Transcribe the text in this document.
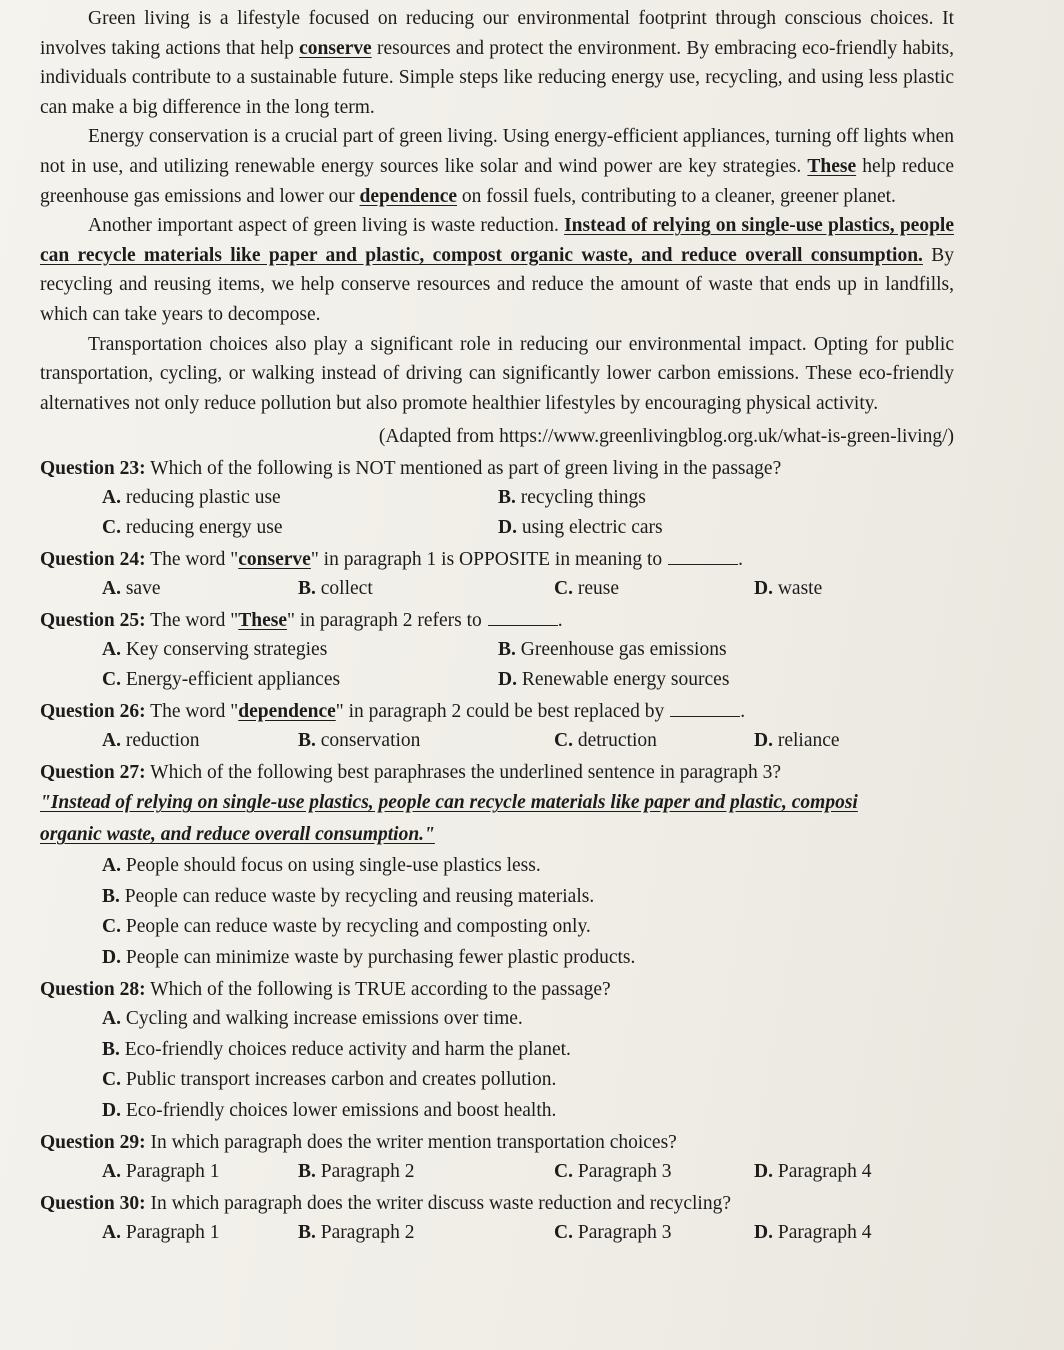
Green living is a lifestyle focused on reducing our environmental footprint through conscious choices. It involves taking actions that help conserve resources and protect the environment. By embracing eco-friendly habits, individuals contribute to a sustainable future. Simple steps like reducing energy use, recycling, and using less plastic can make a big difference in the long term.

Energy conservation is a crucial part of green living. Using energy-efficient appliances, turning off lights when not in use, and utilizing renewable energy sources like solar and wind power are key strategies. These help reduce greenhouse gas emissions and lower our dependence on fossil fuels, contributing to a cleaner, greener planet.

Another important aspect of green living is waste reduction. Instead of relying on single-use plastics, people can recycle materials like paper and plastic, compost organic waste, and reduce overall consumption. By recycling and reusing items, we help conserve resources and reduce the amount of waste that ends up in landfills, which can take years to decompose.

Transportation choices also play a significant role in reducing our environmental impact. Opting for public transportation, cycling, or walking instead of driving can significantly lower carbon emissions. These eco-friendly alternatives not only reduce pollution but also promote healthier lifestyles by encouraging physical activity.

(Adapted from https://www.greenlivingblog.org.uk/what-is-green-living/)
Question 23: Which of the following is NOT mentioned as part of green living in the passage?
A. reducing plastic use	B. recycling things
C. reducing energy use	D. using electric cars
Question 24: The word "conserve" in paragraph 1 is OPPOSITE in meaning to	.
A. save	B. collect	C. reuse	D. waste
Question 25: The word "These" in paragraph 2 refers to	.
A. Key conserving strategies	B. Greenhouse gas emissions
C. Energy-efficient appliances	D. Renewable energy sources
Question 26: The word "dependence" in paragraph 2 could be best replaced by	.
A. reduction	B. conservation	C. detruction	D. reliance
Question 27: Which of the following best paraphrases the underlined sentence in paragraph 3?

"Instead of relying on single-use plastics, people can recycle materials like paper and plastic, composi

organic waste, and reduce overall consumption."

A. People should focus on using single-use plastics less.
B. People can reduce waste by recycling and reusing materials.
C. People can reduce waste by recycling and composting only.
D. People can minimize waste by purchasing fewer plastic products.
Question 28: Which of the following is TRUE according to the passage?
A. Cycling and walking increase emissions over time.
B. Eco-friendly choices reduce activity and harm the planet.
C. Public transport increases carbon and creates pollution.
D. Eco-friendly choices lower emissions and boost health.
Question 29: In which paragraph does the writer mention transportation choices?
A. Paragraph 1	B. Paragraph 2	C. Paragraph 3	D. Paragraph 4
Question 30: In which paragraph does the writer discuss waste reduction and recycling?
A. Paragraph 1	B. Paragraph 2	C. Paragraph 3	D. Paragraph 4
